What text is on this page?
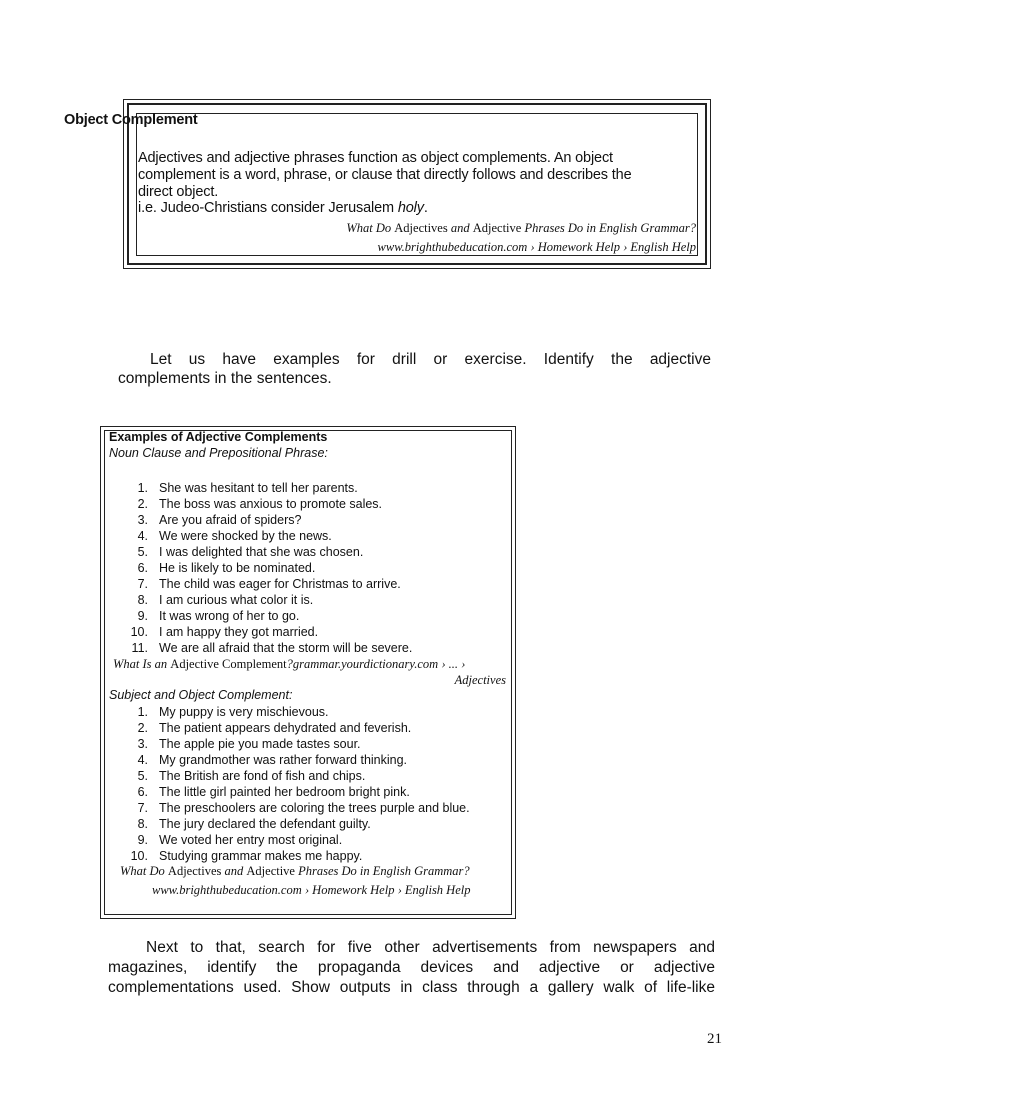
Object Complement

Adjectives and adjective phrases function as object complements. An object

complement is a word, phrase, or clause that directly follows and describes the

direct object.

i.e. Judeo-Christians consider Jerusalem holy.

What Do Adjectives and Adjective Phrases Do in English Grammar?
www.brighthubeducation.com › Homework Help › English Help
Let us have examples for drill or exercise. Identify the adjective
complements in the sentences.
Examples of Adjective Complements
Noun Clause and Prepositional Phrase:
1. She was hesitant to tell her parents.
2. The boss was anxious to promote sales.
3. Are you afraid of spiders?
4. We were shocked by the news.
5. I was delighted that she was chosen.
6. He is likely to be nominated.
7. The child was eager for Christmas to arrive.
8. I am curious what color it is.
9. It was wrong of her to go.
10. I am happy they got married.
11. We are all afraid that the storm will be severe.
What Is an Adjective Complement?grammar.yourdictionary.com › ... ›
Adjectives
Subject and Object Complement:
1. My puppy is very mischievous.
2. The patient appears dehydrated and feverish.
3. The apple pie you made tastes sour.
4. My grandmother was rather forward thinking.
5. The British are fond of fish and chips.
6. The little girl painted her bedroom bright pink.
7. The preschoolers are coloring the trees purple and blue.
8. The jury declared the defendant guilty.
9. We voted her entry most original.
10. Studying grammar makes me happy.
What Do Adjectives and Adjective Phrases Do in English Grammar?
www.brighthubeducation.com › Homework Help › English Help
Next to that, search for five other advertisements from newspapers and
magazines, identify the propaganda devices and adjective or adjective
complementations used. Show outputs in class through a gallery walk of life-like
21
